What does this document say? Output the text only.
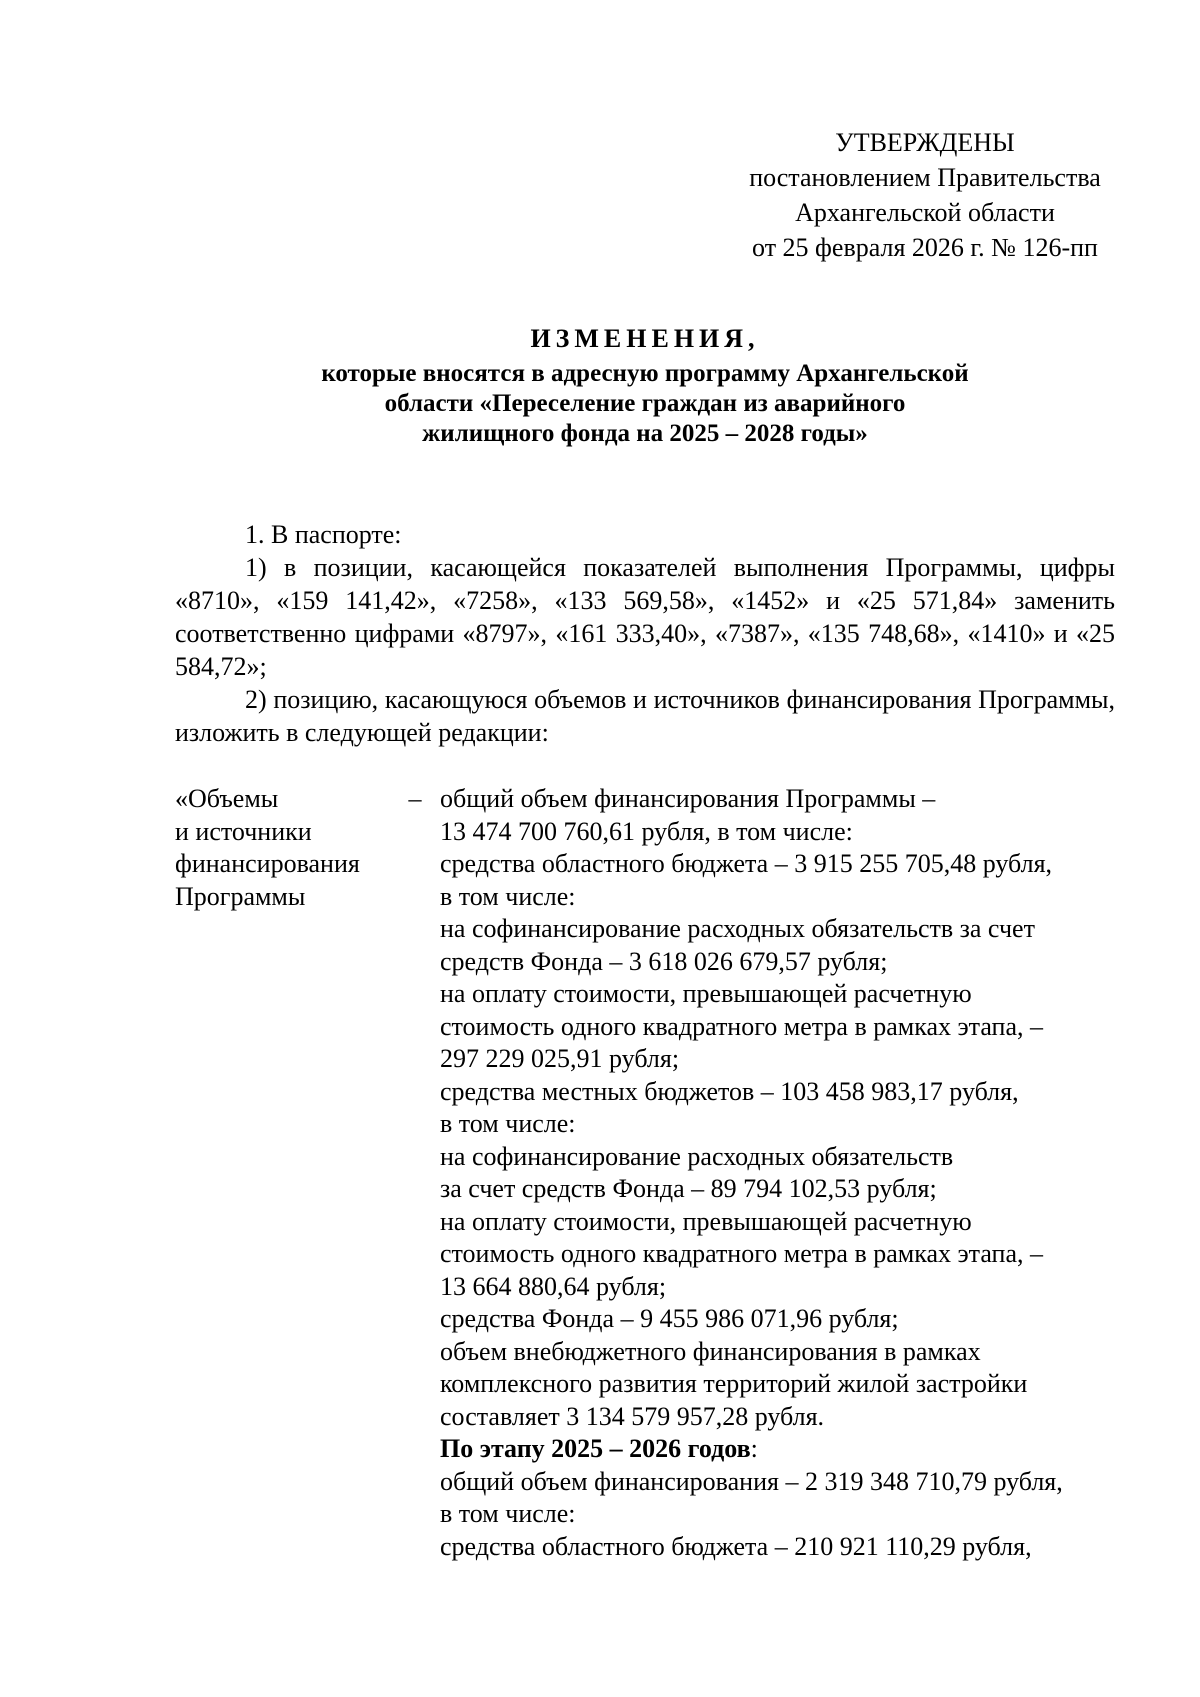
УТВЕРЖДЕНЫ
постановлением Правительства
Архангельской области
от 25 февраля 2026 г. № 126-пп
ИЗМЕНЕНИЯ,
которые вносятся в адресную программу Архангельской
области «Переселение граждан из аварийного
жилищного фонда на 2025 – 2028 годы»

1. В паспорте:

1) в позиции, касающейся показателей выполнения Программы, цифры «8710», «159 141,42», «7258», «133 569,58», «1452» и «25 571,84» заменить соответственно цифрами «8797», «161 333,40», «7387», «135 748,68», «1410» и «25 584,72»;

2) позицию, касающуюся объемов и источников финансирования Программы, изложить в следующей редакции:

«Объемы
и источники
финансирования
Программы
– общий объем финансирования Программы –
13 474 700 760,61 рубля, в том числе:
средства областного бюджета – 3 915 255 705,48 рубля,
в том числе:
на софинансирование расходных обязательств за счет
средств Фонда – 3 618 026 679,57 рубля;
на оплату стоимости, превышающей расчетную
стоимость одного квадратного метра в рамках этапа, –
297 229 025,91 рубля;
средства местных бюджетов – 103 458 983,17 рубля,
в том числе:
на софинансирование расходных обязательств
за счет средств Фонда – 89 794 102,53 рубля;
на оплату стоимости, превышающей расчетную
стоимость одного квадратного метра в рамках этапа, –
13 664 880,64 рубля;
средства Фонда – 9 455 986 071,96 рубля;
объем внебюджетного финансирования в рамках
комплексного развития территорий жилой застройки
составляет 3 134 579 957,28 рубля.
По этапу 2025 – 2026 годов:
общий объем финансирования – 2 319 348 710,79 рубля,
в том числе:
средства областного бюджета – 210 921 110,29 рубля,
